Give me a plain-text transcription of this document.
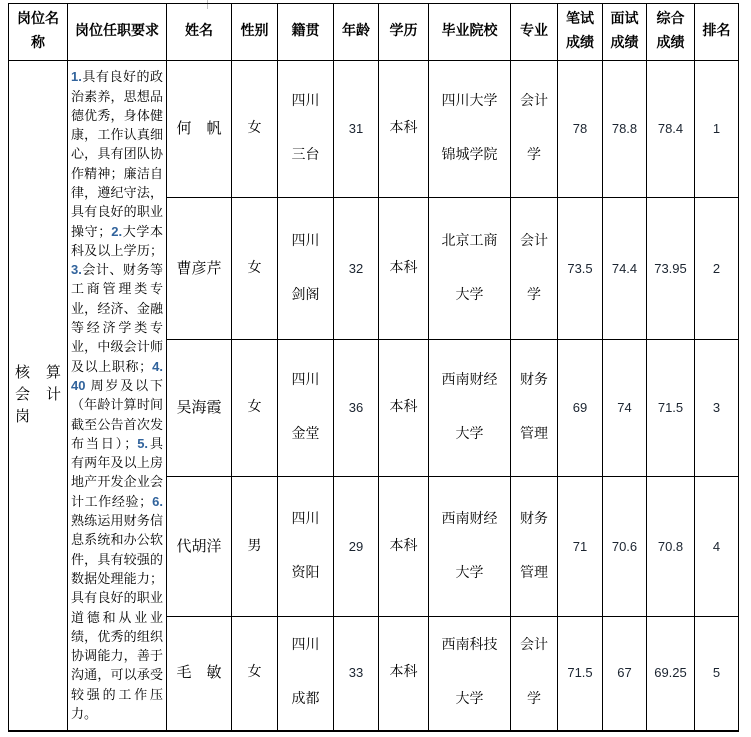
岗位名称	岗位任职要求	姓名	性别	籍贯	年龄	学历	毕业院校	专业	笔试成绩	面试成绩	综合成绩	排名
核 算 会 计 岗	1.具有良好的政治素养，思想品德优秀，身体健康，工作认真细心，具有团队协作精神；廉洁自律，遵纪守法，具有良好的职业操守；2.大学本科及以上学历；3.会计、财务等工商管理类专业，经济、金融等经济学类专业，中级会计师及以上职称；4.40 周岁及以下（年龄计算时间截至公告首次发布当日）；5.具有两年及以上房地产开发企业会计工作经验；6.熟练运用财务信息系统和办公软件，具有较强的数据处理能力；具有良好的职业道德和从业业绩，优秀的组织协调能力，善于沟通，可以承受较强的工作压力。	何　帆	女	四川三台	31	本科	四川大学锦城学院	会计学	78	78.8	78.4	1
		曹彦芹	女	四川剑阁	32	本科	北京工商大学	会计学	73.5	74.4	73.95	2
		吴海霞	女	四川金堂	36	本科	西南财经大学	财务管理	69	74	71.5	3
		代胡洋	男	四川资阳	29	本科	西南财经大学	财务管理	71	70.6	70.8	4
		毛　敏	女	四川成都	33	本科	西南科技大学	会计学	71.5	67	69.25	5
